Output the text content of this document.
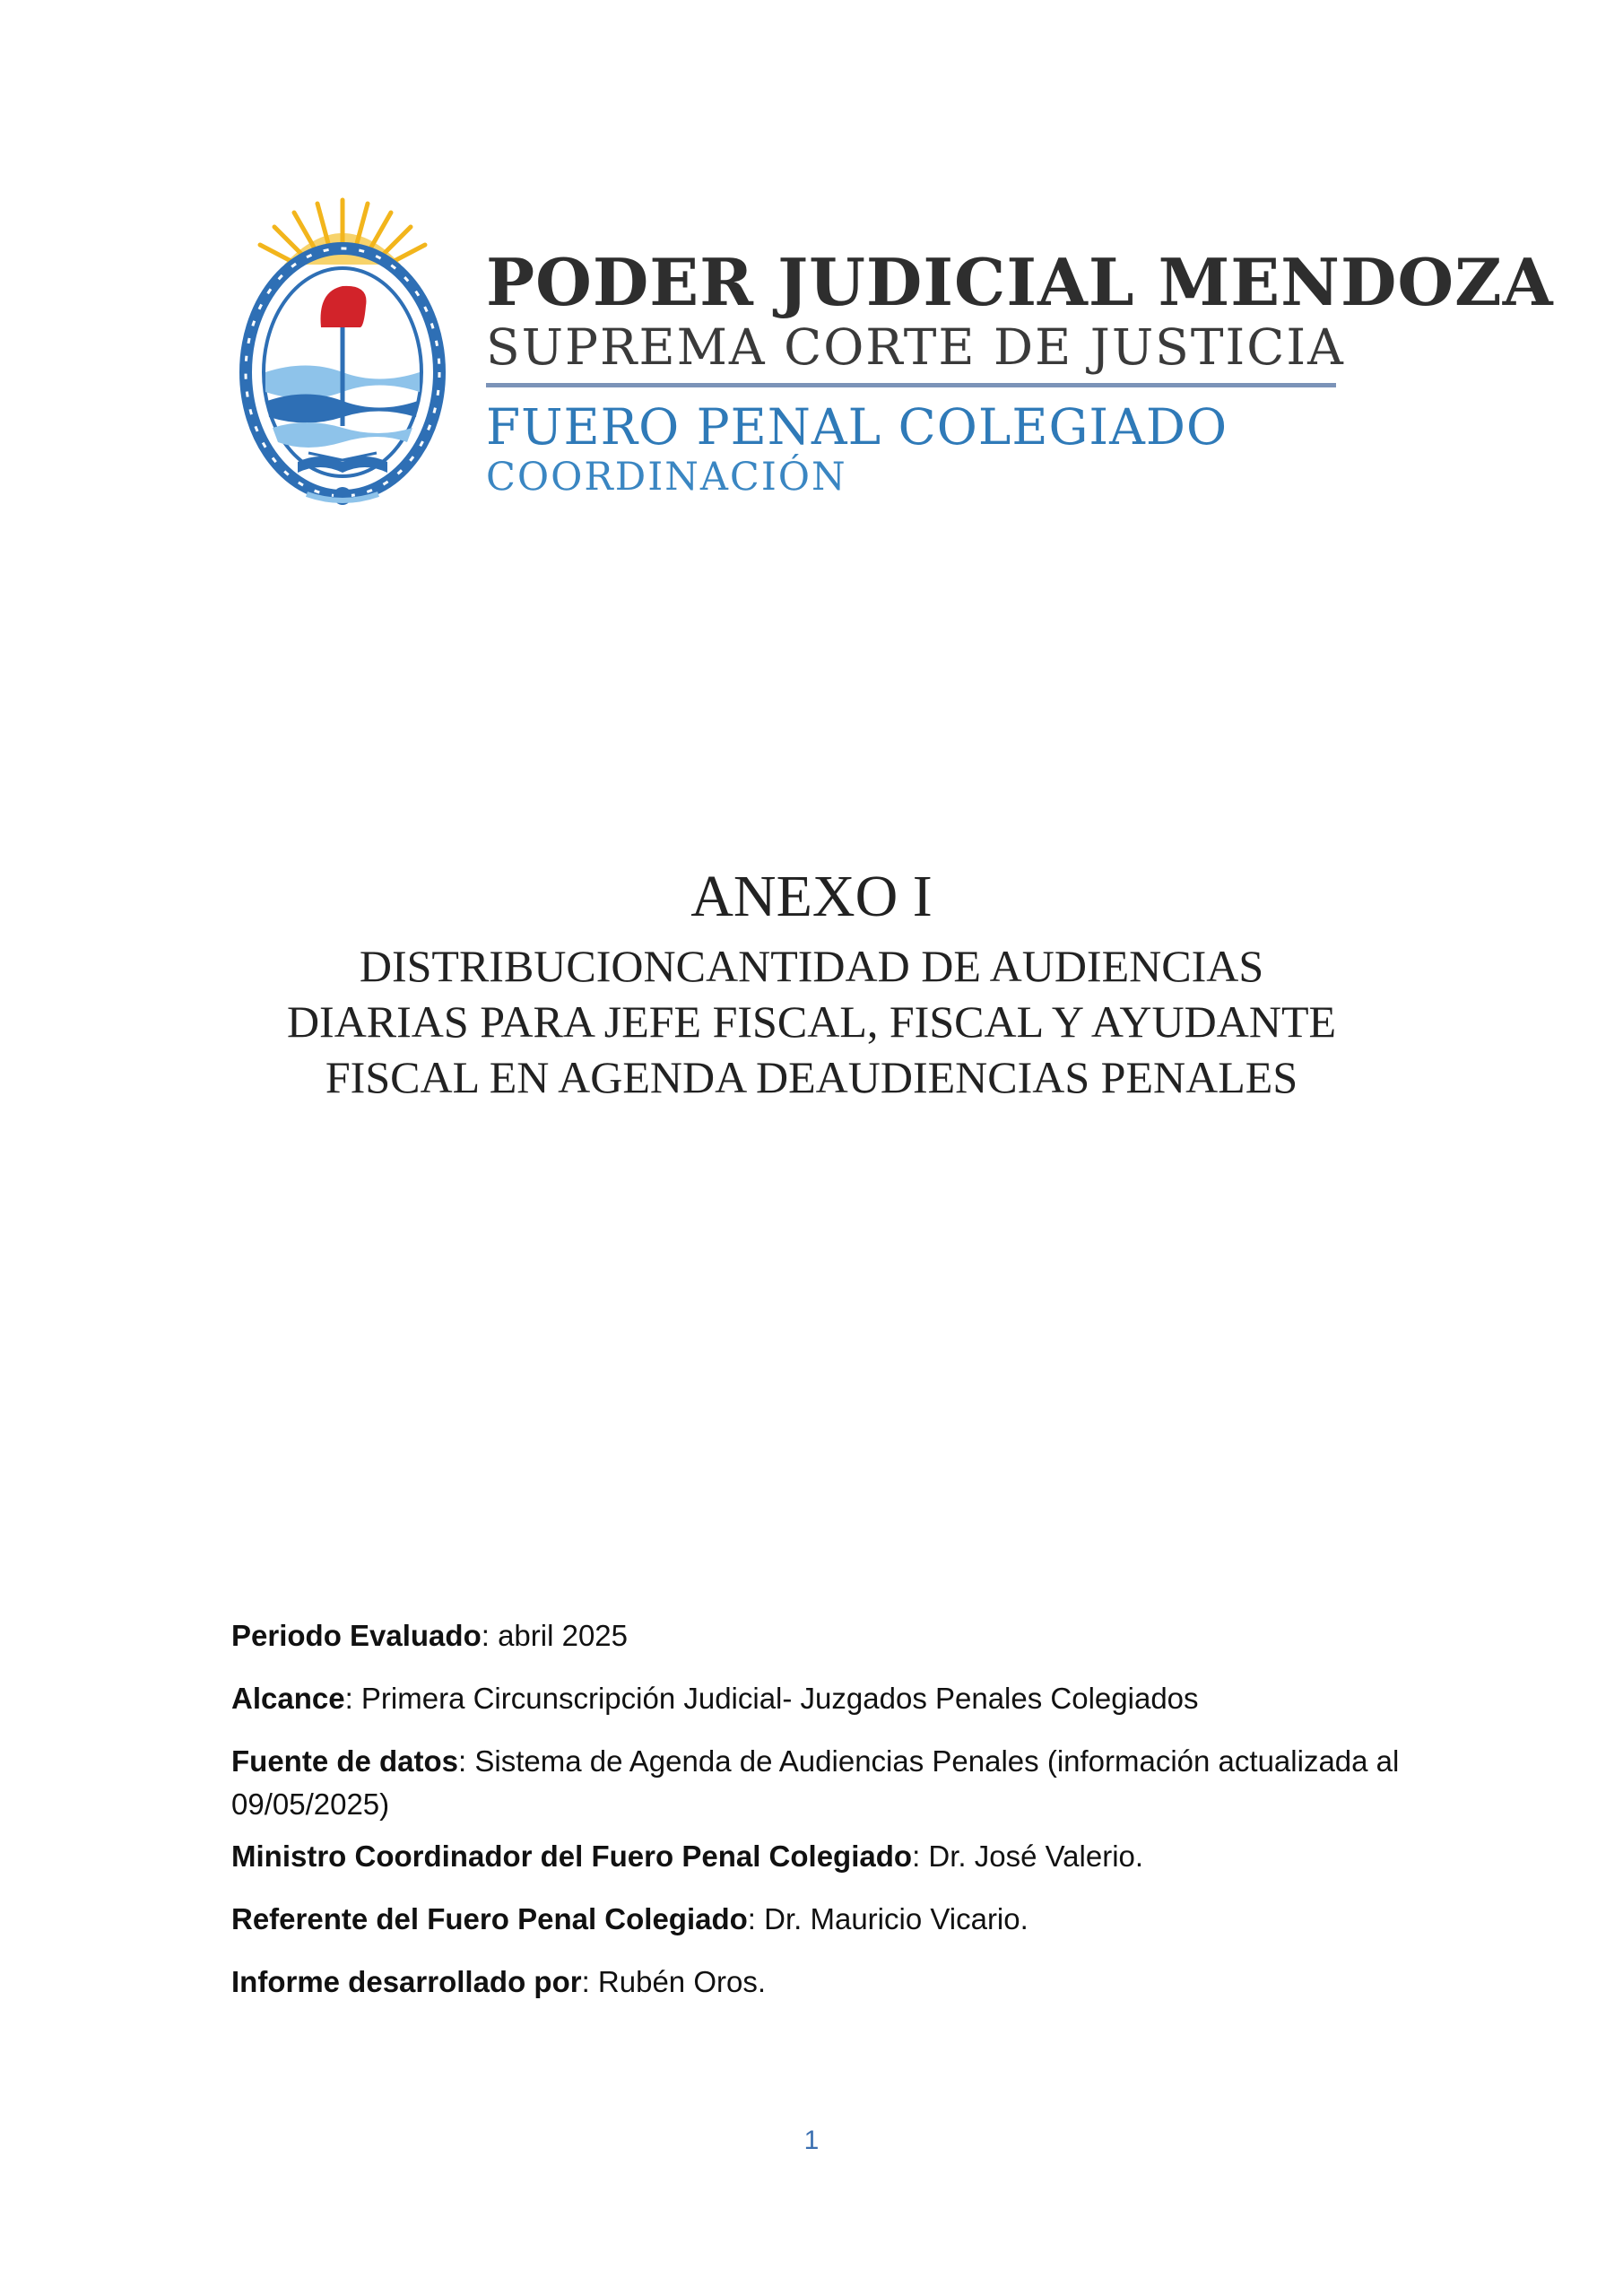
PODER JUDICIAL MENDOZA
SUPREMA CORTE DE JUSTICIA
FUERO PENAL COLEGIADO
COORDINACIÓN
ANEXO I

DISTRIBUCIONCANTIDAD DE AUDIENCIAS

DIARIAS PARA JEFE FISCAL, FISCAL Y AYUDANTE

FISCAL EN AGENDA DEAUDIENCIAS PENALES

Periodo Evaluado: abril 2025
Alcance: Primera Circunscripción Judicial- Juzgados Penales Colegiados
Fuente de datos: Sistema de Agenda de Audiencias Penales (información actualizada al 09/05/2025)
Ministro Coordinador del Fuero Penal Colegiado: Dr. José Valerio.
Referente del Fuero Penal Colegiado: Dr. Mauricio Vicario.
Informe desarrollado por: Rubén Oros.
1
